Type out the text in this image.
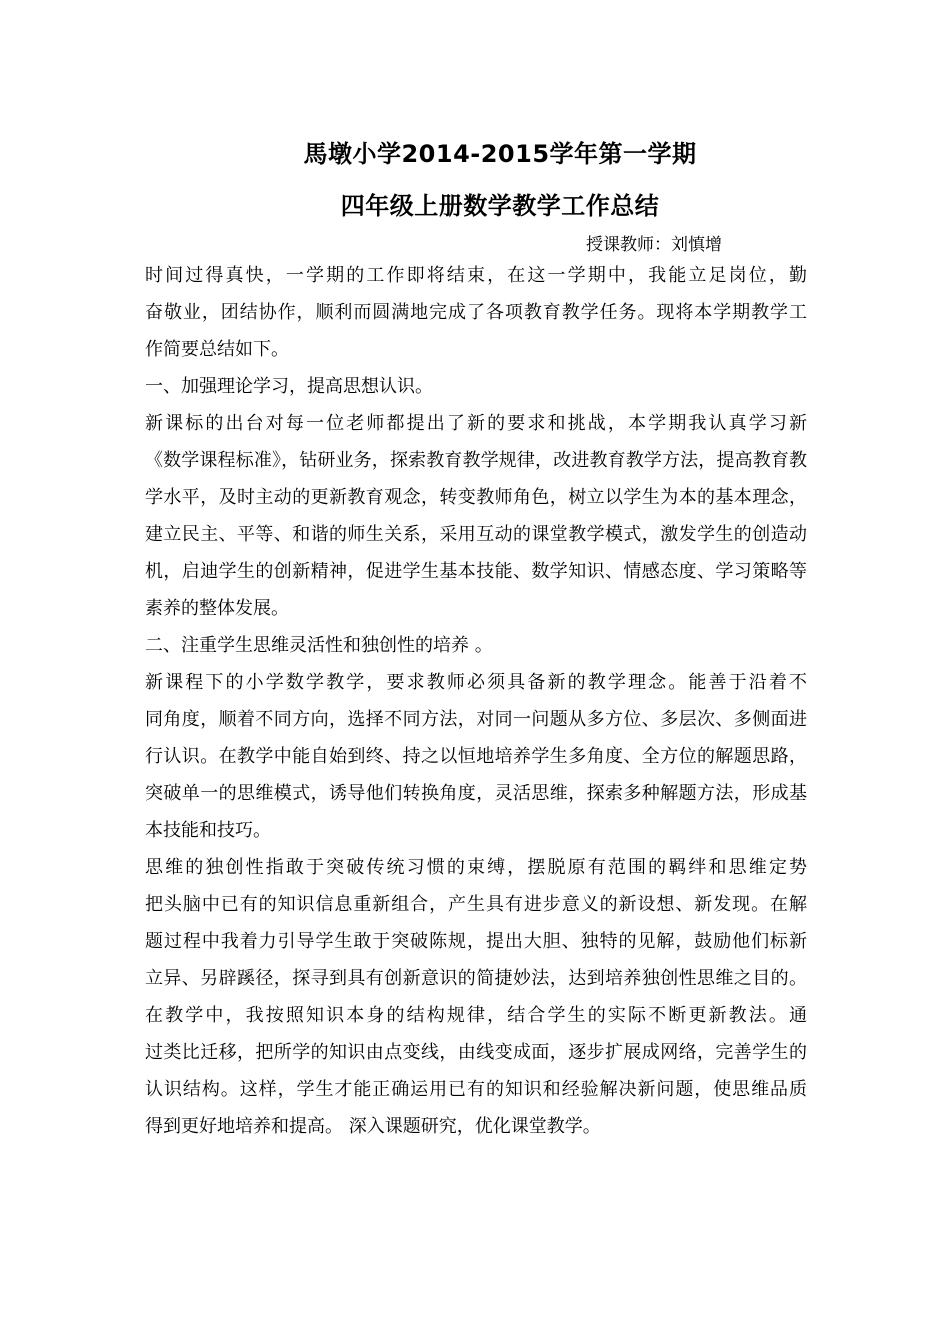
馬墩小学2014-2015学年第一学期
四年级上册数学教学工作总结
授课教师：刘慎增
时间过得真快，一学期的工作即将结束，在这一学期中，我能立足岗位，勤
奋敬业，团结协作，顺利而圆满地完成了各项教育教学任务。现将本学期教学工
作简要总结如下。
一、加强理论学习，提高思想认识。
新课标的出台对每一位老师都提出了新的要求和挑战，本学期我认真学习新
《数学课程标准》，钻研业务，探索教育教学规律，改进教育教学方法，提高教育教
学水平，及时主动的更新教育观念，转变教师角色，树立以学生为本的基本理念，
建立民主、平等、和谐的师生关系，采用互动的课堂教学模式，激发学生的创造动
机，启迪学生的创新精神，促进学生基本技能、数学知识、情感态度、学习策略等
素养的整体发展。
二、注重学生思维灵活性和独创性的培养 。
新课程下的小学数学教学，要求教师必须具备新的教学理念。能善于沿着不
同角度，顺着不同方向，选择不同方法，对同一问题从多方位、多层次、多侧面进
行认识。在教学中能自始到终、持之以恒地培养学生多角度、全方位的解题思路，
突破单一的思维模式，诱导他们转换角度，灵活思维，探索多种解题方法，形成基
本技能和技巧。
思维的独创性指敢于突破传统习惯的束缚，摆脱原有范围的羁绊和思维定势
把头脑中已有的知识信息重新组合，产生具有进步意义的新设想、新发现。在解
题过程中我着力引导学生敢于突破陈规，提出大胆、独特的见解，鼓励他们标新
立异、另辟蹊径，探寻到具有创新意识的简捷妙法，达到培养独创性思维之目的。
在教学中，我按照知识本身的结构规律，结合学生的实际不断更新教法。通
过类比迁移，把所学的知识由点变线，由线变成面，逐步扩展成网络，完善学生的
认识结构。这样，学生才能正确运用已有的知识和经验解决新问题，使思维品质
得到更好地培养和提高。 深入课题研究，优化课堂教学。
